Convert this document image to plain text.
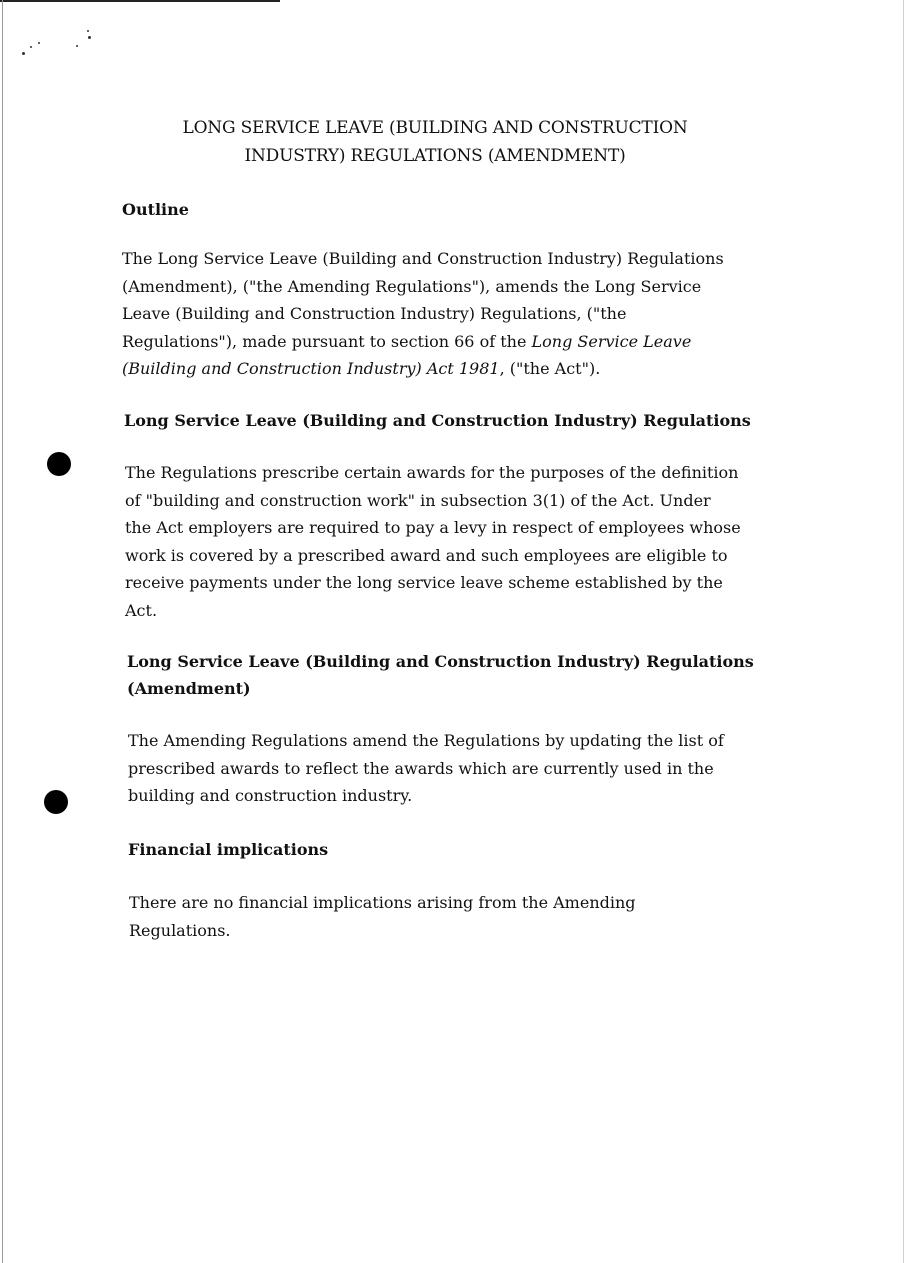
LONG SERVICE LEAVE (BUILDING AND CONSTRUCTION
INDUSTRY) REGULATIONS (AMENDMENT)
Outline
The Long Service Leave (Building and Construction Industry) Regulations
(Amendment), ("the Amending Regulations"), amends the Long Service
Leave (Building and Construction Industry) Regulations, ("the
Regulations"), made pursuant to section 66 of the Long Service Leave
(Building and Construction Industry) Act 1981, ("the Act").
Long Service Leave (Building and Construction Industry) Regulations
The Regulations prescribe certain awards for the purposes of the definition
of "building and construction work" in subsection 3(1) of the Act. Under
the Act employers are required to pay a levy in respect of employees whose
work is covered by a prescribed award and such employees are eligible to
receive payments under the long service leave scheme established by the
Act.
Long Service Leave (Building and Construction Industry) Regulations
(Amendment)
The Amending Regulations amend the Regulations by updating the list of
prescribed awards to reflect the awards which are currently used in the
building and construction industry.
Financial implications
There are no financial implications arising from the Amending
Regulations.
